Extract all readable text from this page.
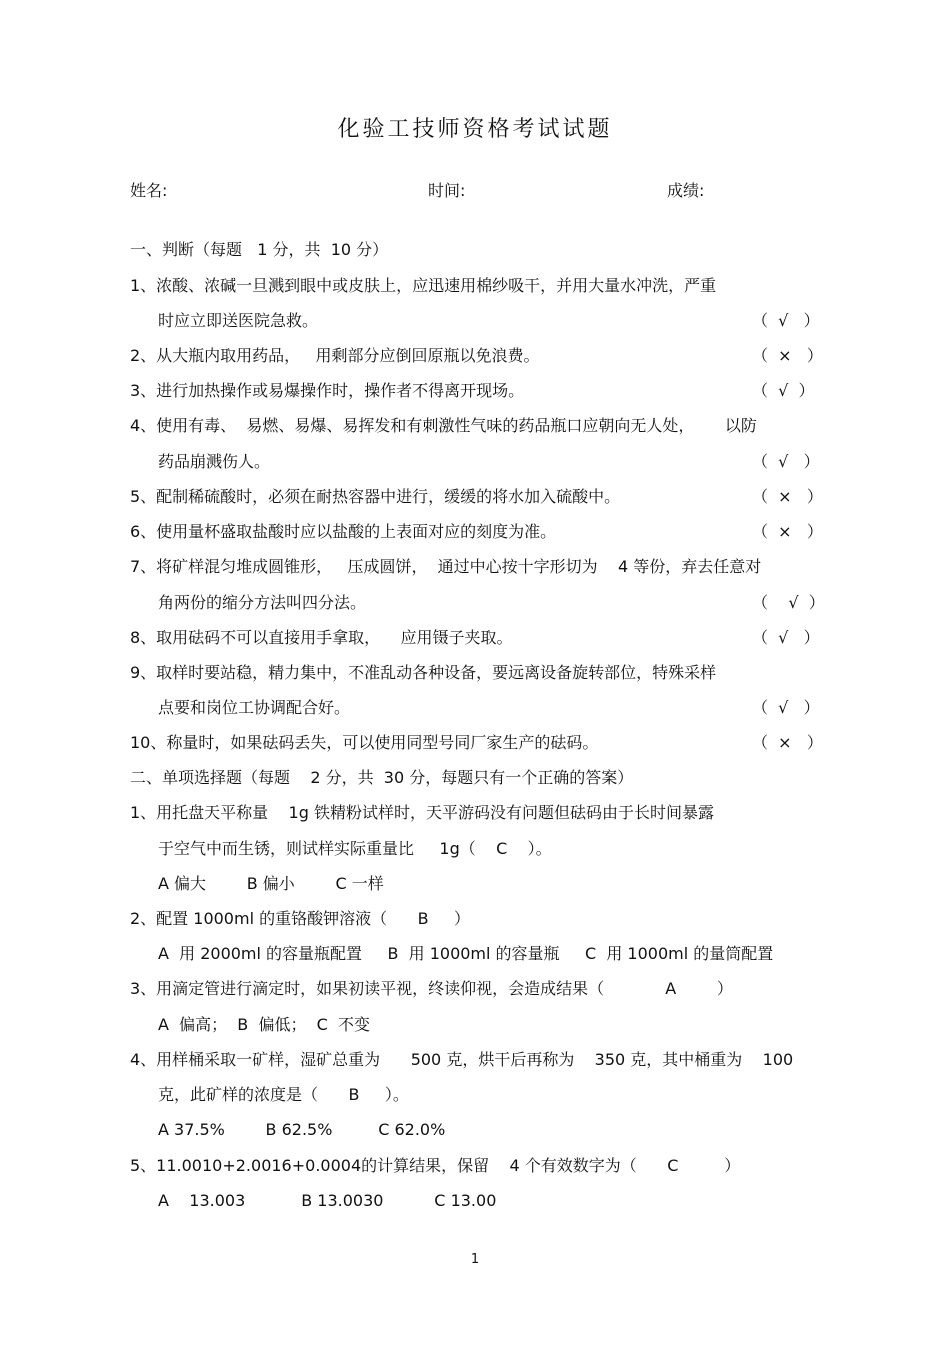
化验工技师资格考试试题
姓名:	时间:	成绩:
一、判断（每题   1 分，共  10 分）
1、浓酸、浓碱一旦溅到眼中或皮肤上，应迅速用棉纱吸干，并用大量水冲洗，严重
时应立即送医院急救。	（  √   ）
2、从大瓶内取用药品，   用剩部分应倒回原瓶以免浪费。	（  ×   ）
3、进行加热操作或易爆操作时，操作者不得离开现场。	（  √  ）
4、使用有毒、  易燃、易爆、易挥发和有刺激性气味的药品瓶口应朝向无人处，      以防
药品崩溅伤人。	（  √   ）
5、配制稀硫酸时，必须在耐热容器中进行，缓缓的将水加入硫酸中。	（  ×   ）
6、使用量杯盛取盐酸时应以盐酸的上表面对应的刻度为准。	（  ×   ）
7、将矿样混匀堆成圆锥形，   压成圆饼，  通过中心按十字形切为    4 等份，弃去任意对
角两份的缩分方法叫四分法。	（    √  ）
8、取用砝码不可以直接用手拿取，    应用镊子夹取。	（  √   ）
9、取样时要站稳，精力集中，不准乱动各种设备，要远离设备旋转部位，特殊采样
点要和岗位工协调配合好。	（  √   ）
10、称量时，如果砝码丢失，可以使用同型号同厂家生产的砝码。	（  ×   ）
二、单项选择题（每题    2 分，共  30 分，每题只有一个正确的答案）
1、用托盘天平称量    1g 铁精粉试样时，天平游码没有问题但砝码由于长时间暴露
于空气中而生锈，则试样实际重量比     1g（    C    ）。
A 偏大        B 偏小        C 一样
2、配置 1000ml 的重铬酸钾溶液（      B     ）
A  用 2000ml 的容量瓶配置     B  用 1000ml 的容量瓶     C  用 1000ml 的量筒配置
3、用滴定管进行滴定时，如果初读平视，终读仰视，会造成结果（            A        ）
A  偏高；  B  偏低；  C  不变
4、用样桶采取一矿样，湿矿总重为      500 克，烘干后再称为    350 克，其中桶重为    100
克，此矿样的浓度是（      B     ）。
A 37.5%        B 62.5%         C 62.0%
5、11.0010+2.0016+0.0004的计算结果，保留    4 个有效数字为（      C         ）
A    13.003           B 13.0030          C 13.00
1
